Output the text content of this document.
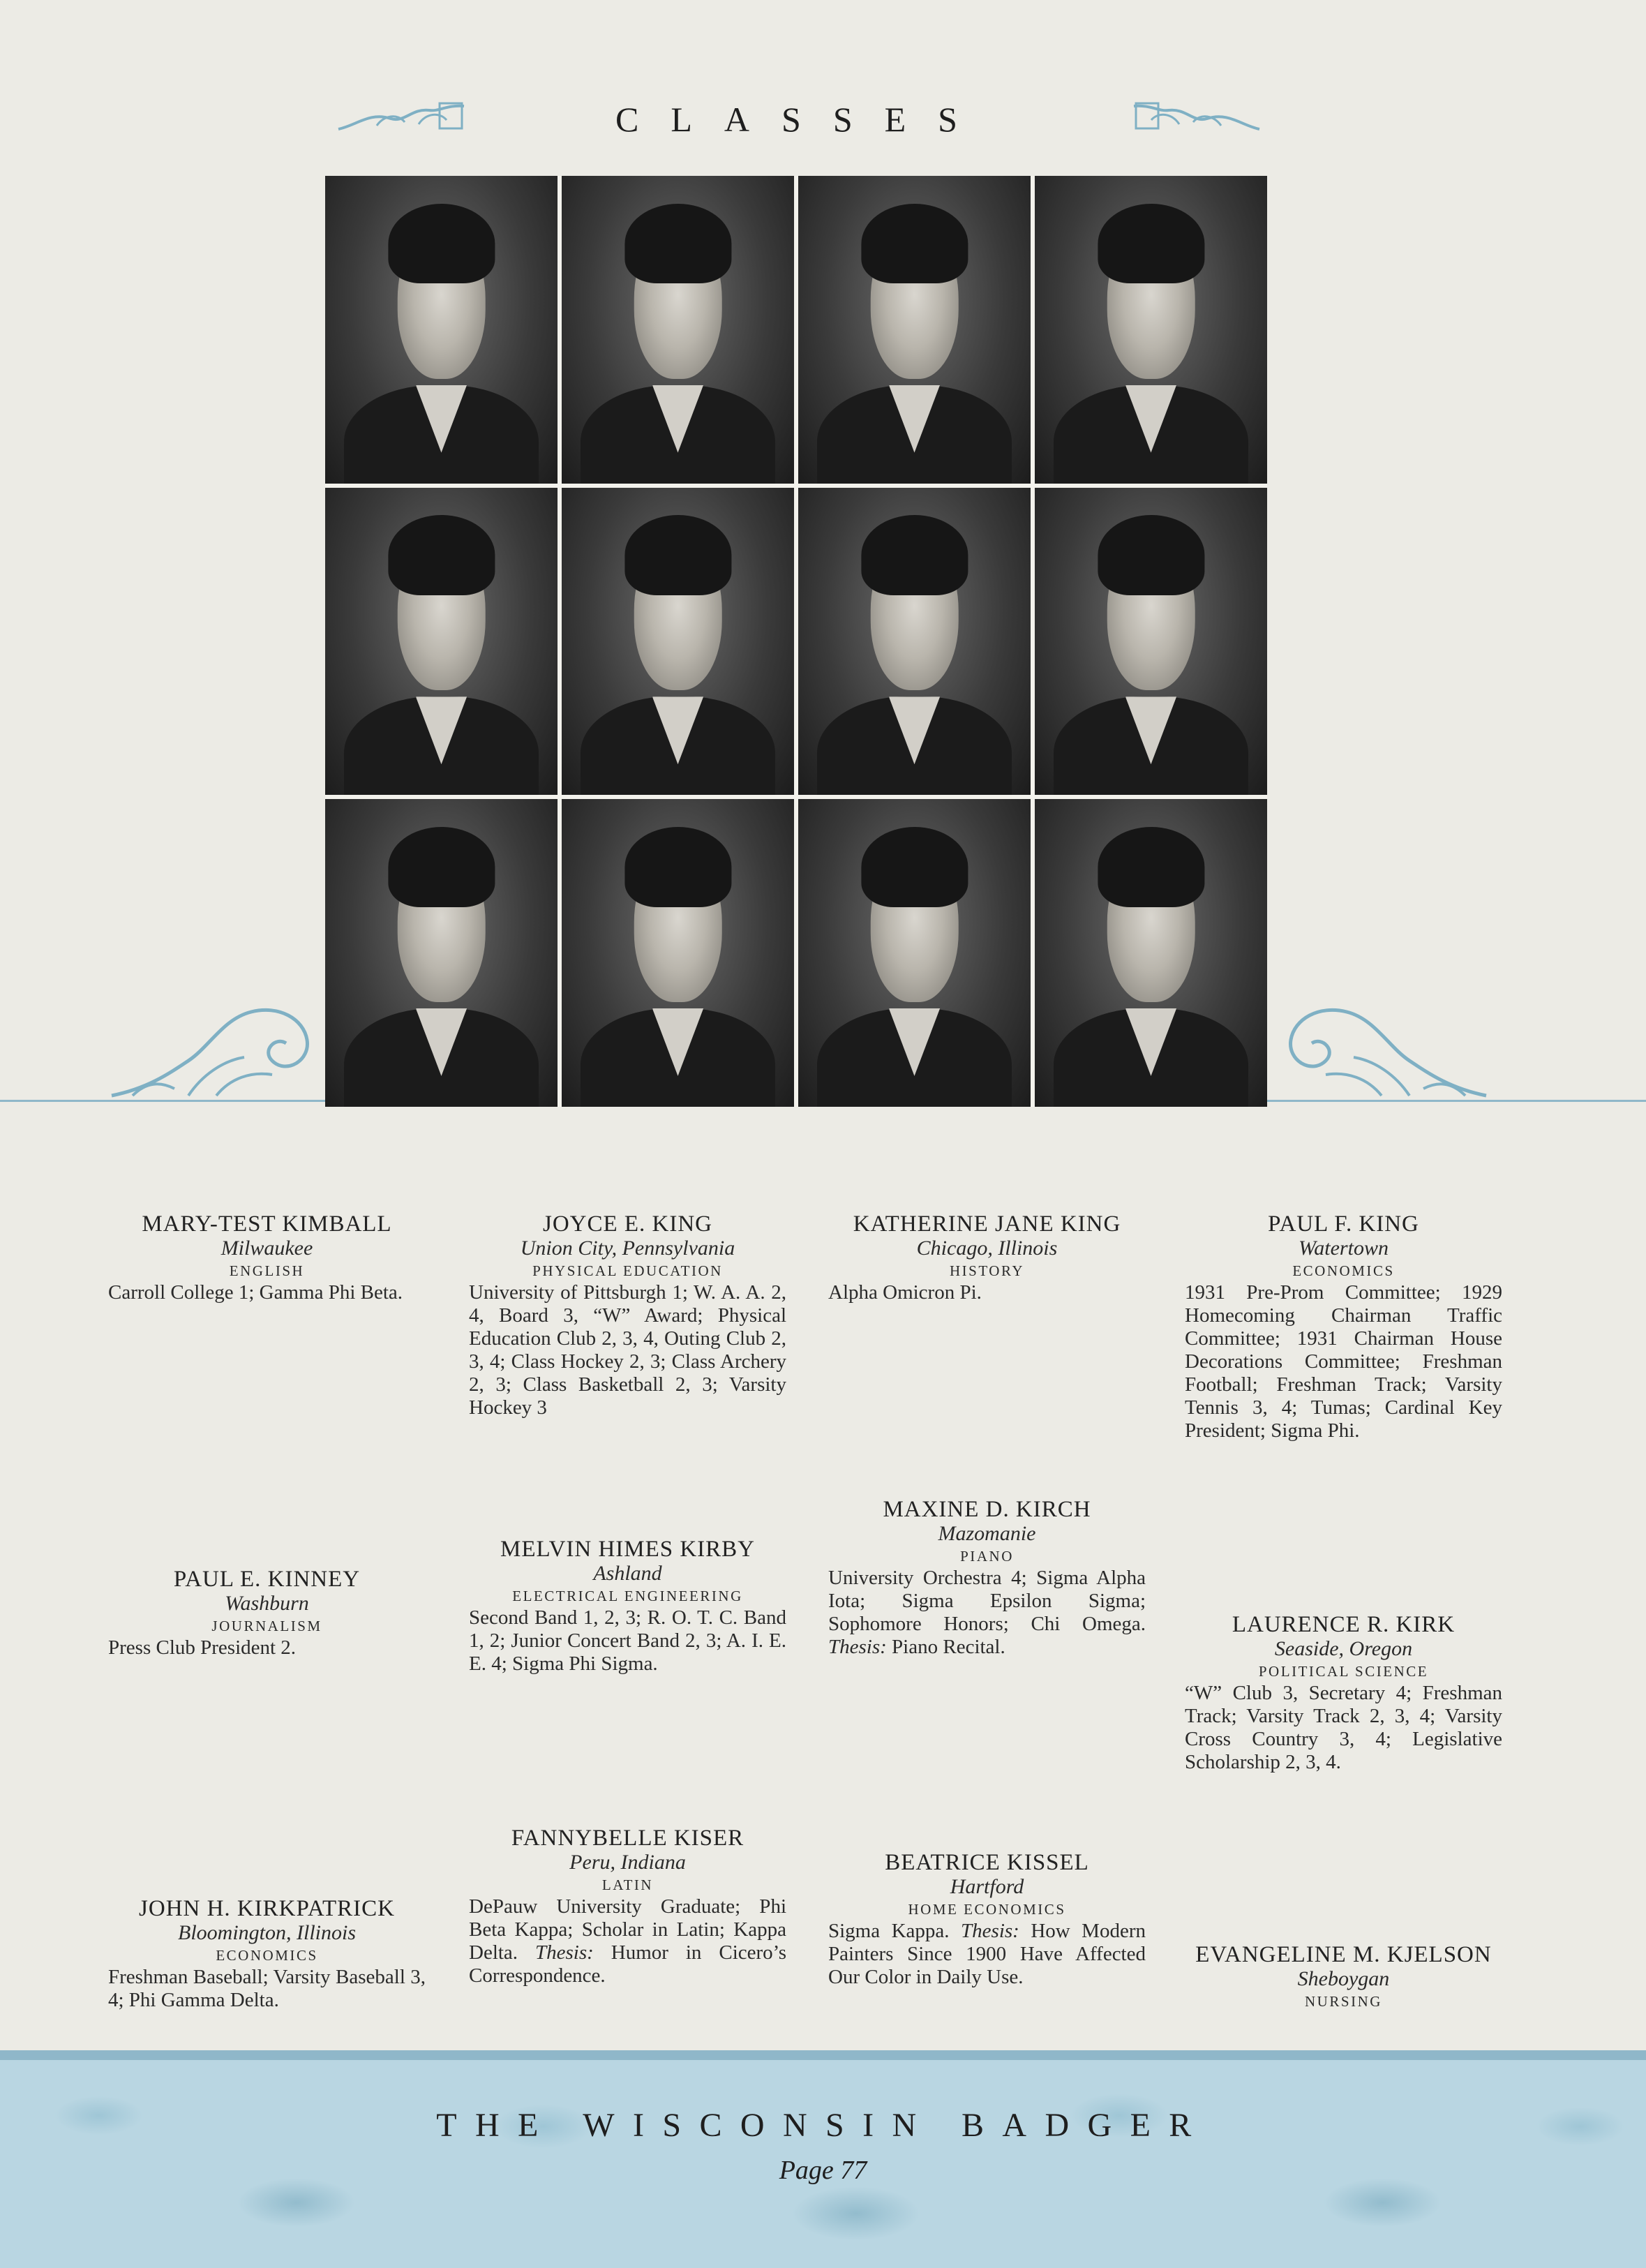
CLASSES
MARY-TEST KIMBALL
Milwaukee
ENGLISH
Carroll College 1; Gamma Phi Beta.
JOYCE E. KING
Union City, Pennsylvania
PHYSICAL EDUCATION
University of Pittsburgh 1; W. A. A. 2, 4, Board 3, “W” Award; Physical Education Club 2, 3, 4, Outing Club 2, 3, 4; Class Hockey 2, 3; Class Archery 2, 3; Class Basketball 2, 3; Varsity Hockey 3
KATHERINE JANE KING
Chicago, Illinois
HISTORY
Alpha Omicron Pi.
PAUL F. KING
Watertown
ECONOMICS
1931 Pre-Prom Committee; 1929 Homecoming Chairman Traffic Committee; 1931 Chairman House Decorations Committee; Freshman Football; Freshman Track; Varsity Tennis 3, 4; Tumas; Cardinal Key President; Sigma Phi.
PAUL E. KINNEY
Washburn
JOURNALISM
Press Club President 2.
MELVIN HIMES KIRBY
Ashland
ELECTRICAL ENGINEERING
Second Band 1, 2, 3; R. O. T. C. Band 1, 2; Junior Concert Band 2, 3; A. I. E. E. 4; Sigma Phi Sigma.
MAXINE D. KIRCH
Mazomanie
PIANO
University Orchestra 4; Sigma Alpha Iota; Sigma Epsilon Sigma; Sophomore Honors; Chi Omega. Thesis: Piano Recital.
LAURENCE R. KIRK
Seaside, Oregon
POLITICAL SCIENCE
“W” Club 3, Secretary 4; Freshman Track; Varsity Track 2, 3, 4; Varsity Cross Country 3, 4; Legislative Scholarship 2, 3, 4.
JOHN H. KIRKPATRICK
Bloomington, Illinois
ECONOMICS
Freshman Baseball; Varsity Baseball 3, 4; Phi Gamma Delta.
FANNYBELLE KISER
Peru, Indiana
LATIN
DePauw University Graduate; Phi Beta Kappa; Scholar in Latin; Kappa Delta. Thesis: Humor in Cicero’s Correspondence.
BEATRICE KISSEL
Hartford
HOME ECONOMICS
Sigma Kappa. Thesis: How Modern Painters Since 1900 Have Affected Our Color in Daily Use.
EVANGELINE M. KJELSON
Sheboygan
NURSING
THE WISCONSIN BADGER
Page 77
